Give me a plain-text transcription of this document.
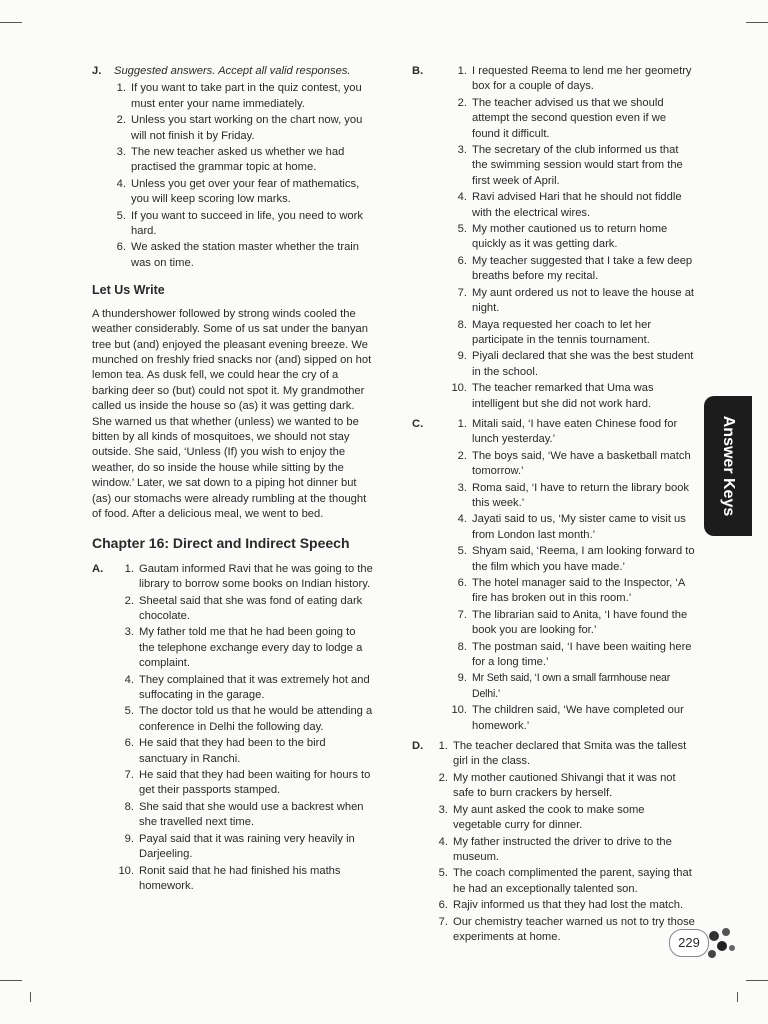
J.	Suggested answers. Accept all valid responses.
1. If you want to take part in the quiz contest, you must enter your name immediately.
2. Unless you start working on the chart now, you will not finish it by Friday.
3. The new teacher asked us whether we had practised the grammar topic at home.
4. Unless you get over your fear of mathematics, you will keep scoring low marks.
5. If you want to succeed in life, you need to work hard.
6. We asked the station master whether the train was on time.
Let Us Write
A thundershower followed by strong winds cooled the weather considerably. Some of us sat under the banyan tree but (and) enjoyed the pleasant evening breeze. We munched on freshly fried snacks nor (and) sipped on hot lemon tea. As dusk fell, we could hear the cry of a barking deer so (but) could not spot it. My grandmother called us inside the house so (as) it was getting dark. She warned us that whether (unless) we wanted to be bitten by all kinds of mosquitoes, we should not stay outside. She said, ‘Unless (If) you wish to enjoy the weather, do so inside the house while sitting by the window.’ Later, we sat down to a piping hot dinner but (as) our stomachs were already rumbling at the thought of food. After a delicious meal, we went to bed.
Chapter 16: Direct and Indirect Speech
A.	1. Gautam informed Ravi that he was going to the library to borrow some books on Indian history.
2. Sheetal said that she was fond of eating dark chocolate.
3. My father told me that he had been going to the telephone exchange every day to lodge a complaint.
4. They complained that it was extremely hot and suffocating in the garage.
5. The doctor told us that he would be attending a conference in Delhi the following day.
6. He said that they had been to the bird sanctuary in Ranchi.
7. He said that they had been waiting for hours to get their passports stamped.
8. She said that she would use a backrest when she travelled next time.
9. Payal said that it was raining very heavily in Darjeeling.
10. Ronit said that he had finished his maths homework.
B.	1. I requested Reema to lend me her geometry box for a couple of days.
2. The teacher advised us that we should attempt the second question even if we found it difficult.
3. The secretary of the club informed us that the swimming session would start from the first week of April.
4. Ravi advised Hari that he should not fiddle with the electrical wires.
5. My mother cautioned us to return home quickly as it was getting dark.
6. My teacher suggested that I take a few deep breaths before my recital.
7. My aunt ordered us not to leave the house at night.
8. Maya requested her coach to let her participate in the tennis tournament.
9. Piyali declared that she was the best student in the school.
10. The teacher remarked that Uma was intelligent but she did not work hard.
C.	1. Mitali said, ‘I have eaten Chinese food for lunch yesterday.’
2. The boys said, ‘We have a basketball match tomorrow.’
3. Roma said, ‘I have to return the library book this week.’
4. Jayati said to us, ‘My sister came to visit us from London last month.’
5. Shyam said, ‘Reema, I am looking forward to the film which you have made.’
6. The hotel manager said to the Inspector, ‘A fire has broken out in this room.’
7. The librarian said to Anita, ‘I have found the book you are looking for.’
8. The postman said, ‘I have been waiting here for a long time.’
9. Mr Seth said, ‘I own a small farmhouse near Delhi.’
10. The children said, ‘We have completed our homework.’
D.	1. The teacher declared that Smita was the tallest girl in the class.
2. My mother cautioned Shivangi that it was not safe to burn crackers by herself.
3. My aunt asked the cook to make some vegetable curry for dinner.
4. My father instructed the driver to drive to the museum.
5. The coach complimented the parent, saying that he had an exceptionally talented son.
6. Rajiv informed us that they had lost the match.
7. Our chemistry teacher warned us not to try those experiments at home.
Answer Keys
229
